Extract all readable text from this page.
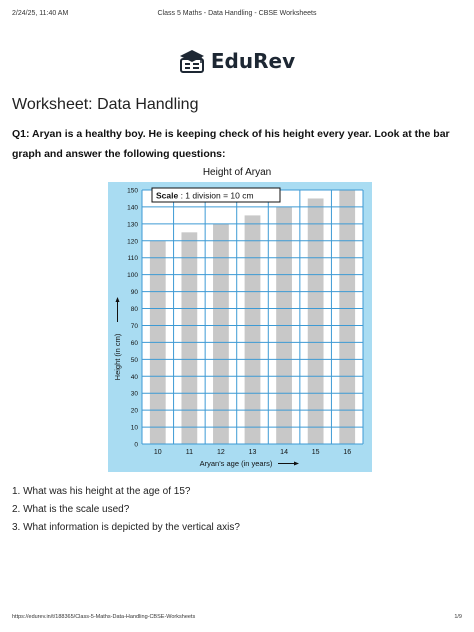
2/24/25, 11:40 AM	Class 5 Maths - Data Handling - CBSE Worksheets
EduRev
Worksheet: Data Handling
Q1: Aryan is a healthy boy. He is keeping check of his height every year. Look at the bar graph and answer the following questions:
Height of Aryan
0
10
20
30
40
50
60
70
80
90
100
110
120
130
140
150
10	11	12	13	14	15	16
Aryan's age (in years)
Height (in cm)
Scale : 1 division = 10 cm
1. What was his height at the age of 15?
2. What is the scale used?
3. What information is depicted by the vertical axis?
https://edurev.in/t/188365/Class-5-Maths-Data-Handling-CBSE-Worksheets	1/9
